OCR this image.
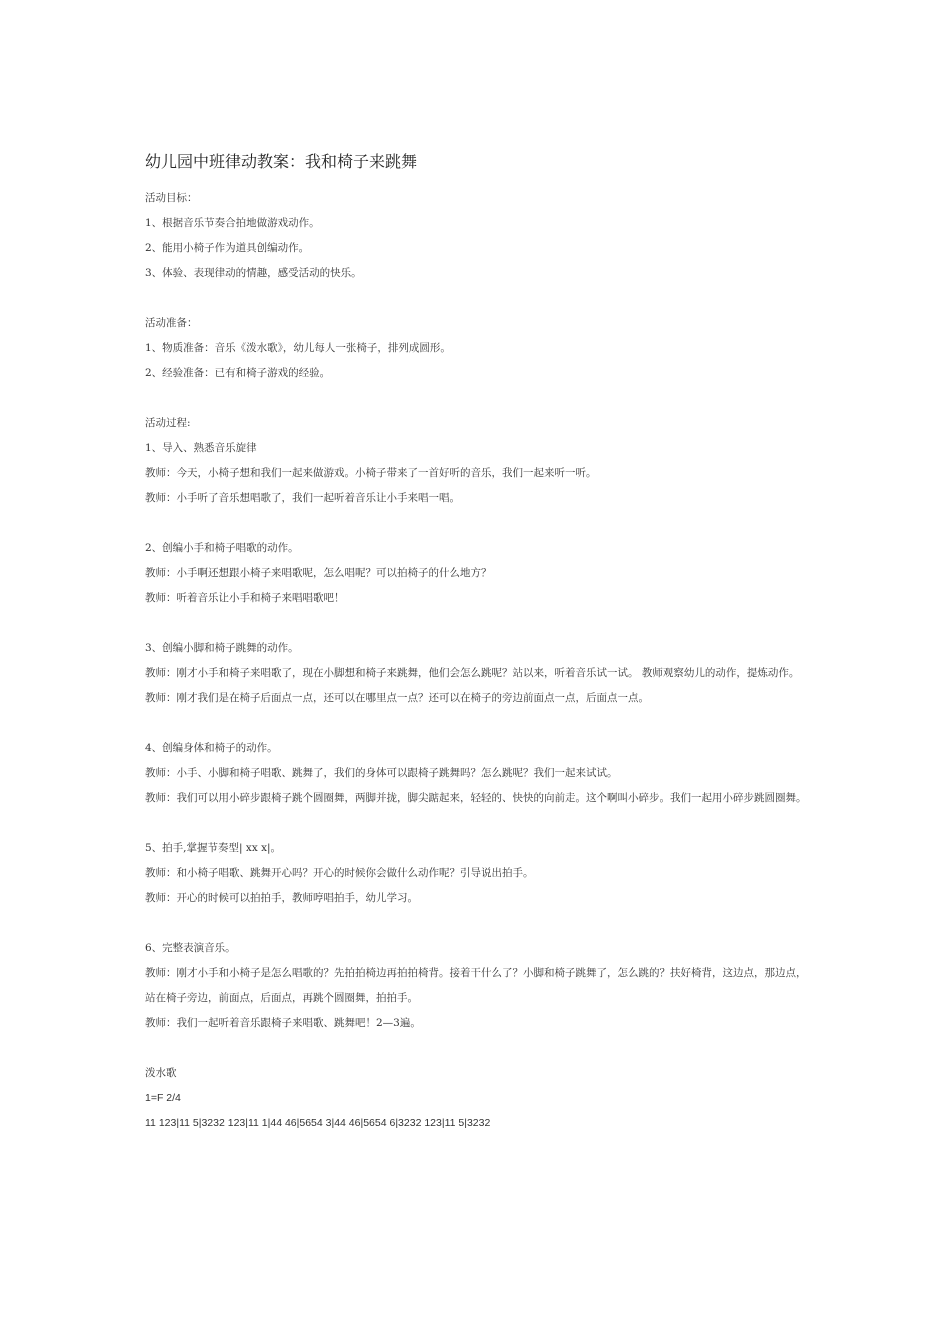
幼儿园中班律动教案：我和椅子来跳舞
活动目标：
1、根据音乐节奏合拍地做游戏动作。
2、能用小椅子作为道具创编动作。
3、体验、表现律动的情趣，感受活动的快乐。
活动准备：
1、物质准备：音乐《泼水歌》，幼儿每人一张椅子，排列成圆形。
2、经验准备：已有和椅子游戏的经验。
活动过程:
1、导入、熟悉音乐旋律
教师：今天，小椅子想和我们一起来做游戏。小椅子带来了一首好听的音乐，我们一起来听一听。
教师：小手听了音乐想唱歌了，我们一起听着音乐让小手来唱一唱。
2、创编小手和椅子唱歌的动作。
教师：小手啊还想跟小椅子来唱歌呢，怎么唱呢？可以拍椅子的什么地方？
教师：听着音乐让小手和椅子来唱唱歌吧！
3、创编小脚和椅子跳舞的动作。
教师：刚才小手和椅子来唱歌了，现在小脚想和椅子来跳舞，他们会怎么跳呢？站以来，听着音乐试一试。 教师观察幼儿的动作，提炼动作。
教师：刚才我们是在椅子后面点一点，还可以在哪里点一点？还可以在椅子的旁边前面点一点，后面点一点。
4、创编身体和椅子的动作。
教师：小手、小脚和椅子唱歌、跳舞了，我们的身体可以跟椅子跳舞吗？怎么跳呢？我们一起来试试。
教师：我们可以用小碎步跟椅子跳个圆圈舞，两脚并拢，脚尖踮起来，轻轻的、快快的向前走。这个啊叫小碎步。我们一起用小碎步跳圆圈舞。
5、拍手,掌握节奏型| xx x|。
教师：和小椅子唱歌、跳舞开心吗？开心的时候你会做什么动作呢？引导说出拍手。
教师：开心的时候可以拍拍手，教师哼唱拍手，幼儿学习。
6、完整表演音乐。
教师：刚才小手和小椅子是怎么唱歌的？先拍拍椅边再拍拍椅背。接着干什么了？小脚和椅子跳舞了，怎么跳的？扶好椅背，这边点，那边点，站在椅子旁边，前面点，后面点，再跳个圆圈舞，拍拍手。
教师：我们一起听着音乐跟椅子来唱歌、跳舞吧！2—3遍。
泼水歌
1=F 2/4
11 123|11 5|3232 123|11 1|44 46|5654 3|44 46|5654 6|3232 123|11 5|3232
